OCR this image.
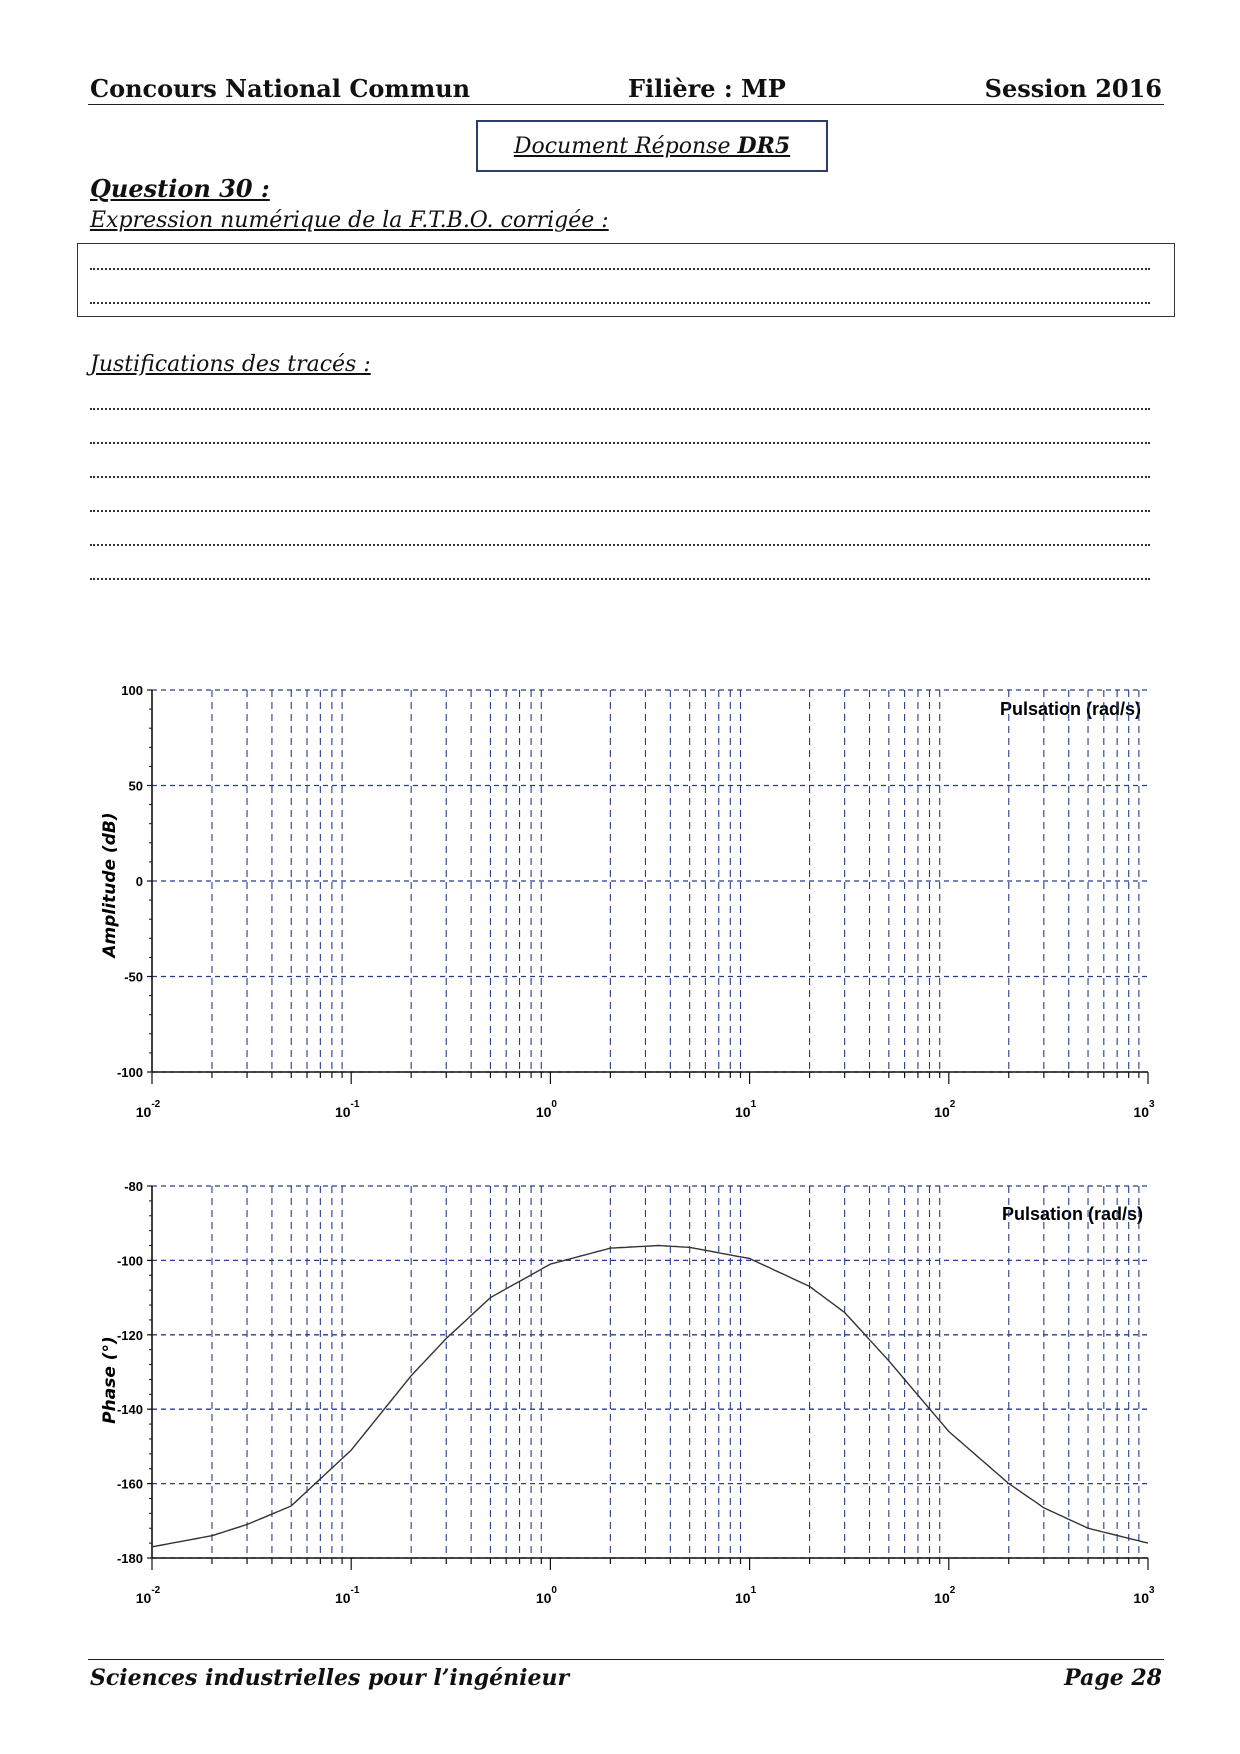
Concours National Commun	Filière : MP	Session 2016
Document Réponse DR5
Question 30 :
Expression numérique de la F.T.B.O. corrigée :
Justifications des tracés :
Amplitude (dB)
Pulsation (rad/s)
-100
-50
0
50
100
$10^{-2}$	$10^{-1}$	$10^0$	$10^1$	$10^2$	$10^3$
Phase (°)
Pulsation (rad/s)
-180
-160
-140
-120
-100
-80
$10^{-2}$	$10^{-1}$	$10^0$	$10^1$	$10^2$	$10^3$
Sciences industrielles pour l’ingénieur	Page 28
